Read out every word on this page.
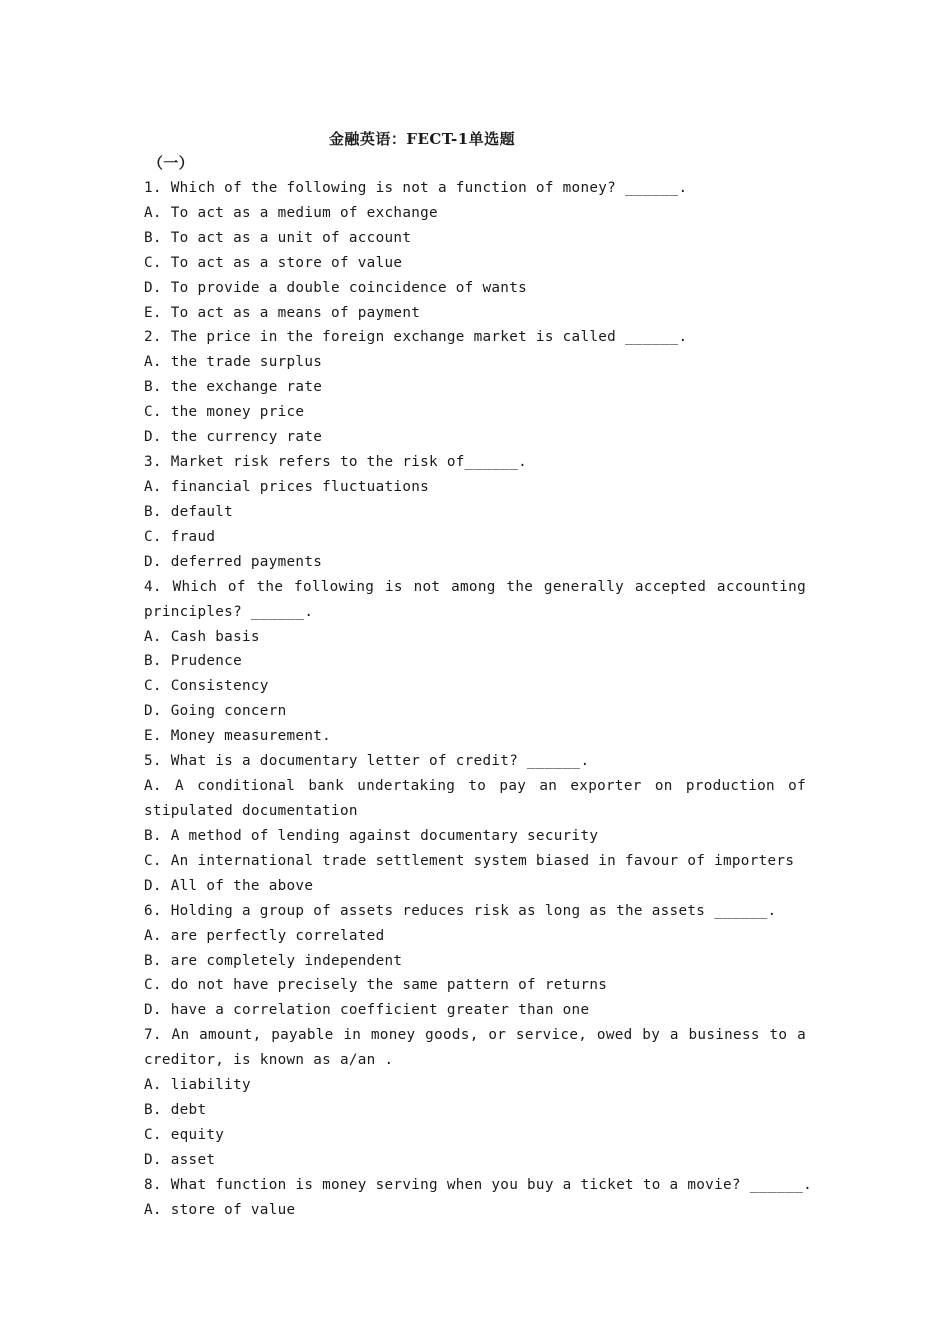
金融英语：FECT-1单选题
（一）
1. Which of the following is not a function of money? ______.
A. To act as a medium of exchange
B. To act as a unit of account
C. To act as a store of value
D. To provide a double coincidence of wants
E. To act as a means of payment
2. The price in the foreign exchange market is called ______.
A. the trade surplus
B. the exchange rate
C. the money price
D. the currency rate
3. Market risk refers to the risk of______.
A. financial prices fluctuations
B. default
C. fraud
D. deferred payments
4. Which of the following is not among the generally accepted accounting
principles? ______.
A. Cash basis
B. Prudence
C. Consistency
D. Going concern
E. Money measurement.
5. What is a documentary letter of credit? ______.
A. A conditional bank undertaking to pay an exporter on production of
stipulated documentation
B. A method of lending against documentary security
C. An international trade settlement system biased in favour of importers
D. All of the above
6. Holding a group of assets reduces risk as long as the assets ______.
A. are perfectly correlated
B. are completely independent
C. do not have precisely the same pattern of returns
D. have a correlation coefficient greater than one
7. An amount, payable in money goods, or service, owed by a business to a
creditor, is known as a/an .
A. liability
B. debt
C. equity
D. asset
8. What function is money serving when you buy a ticket to a movie? ______.
A. store of value
